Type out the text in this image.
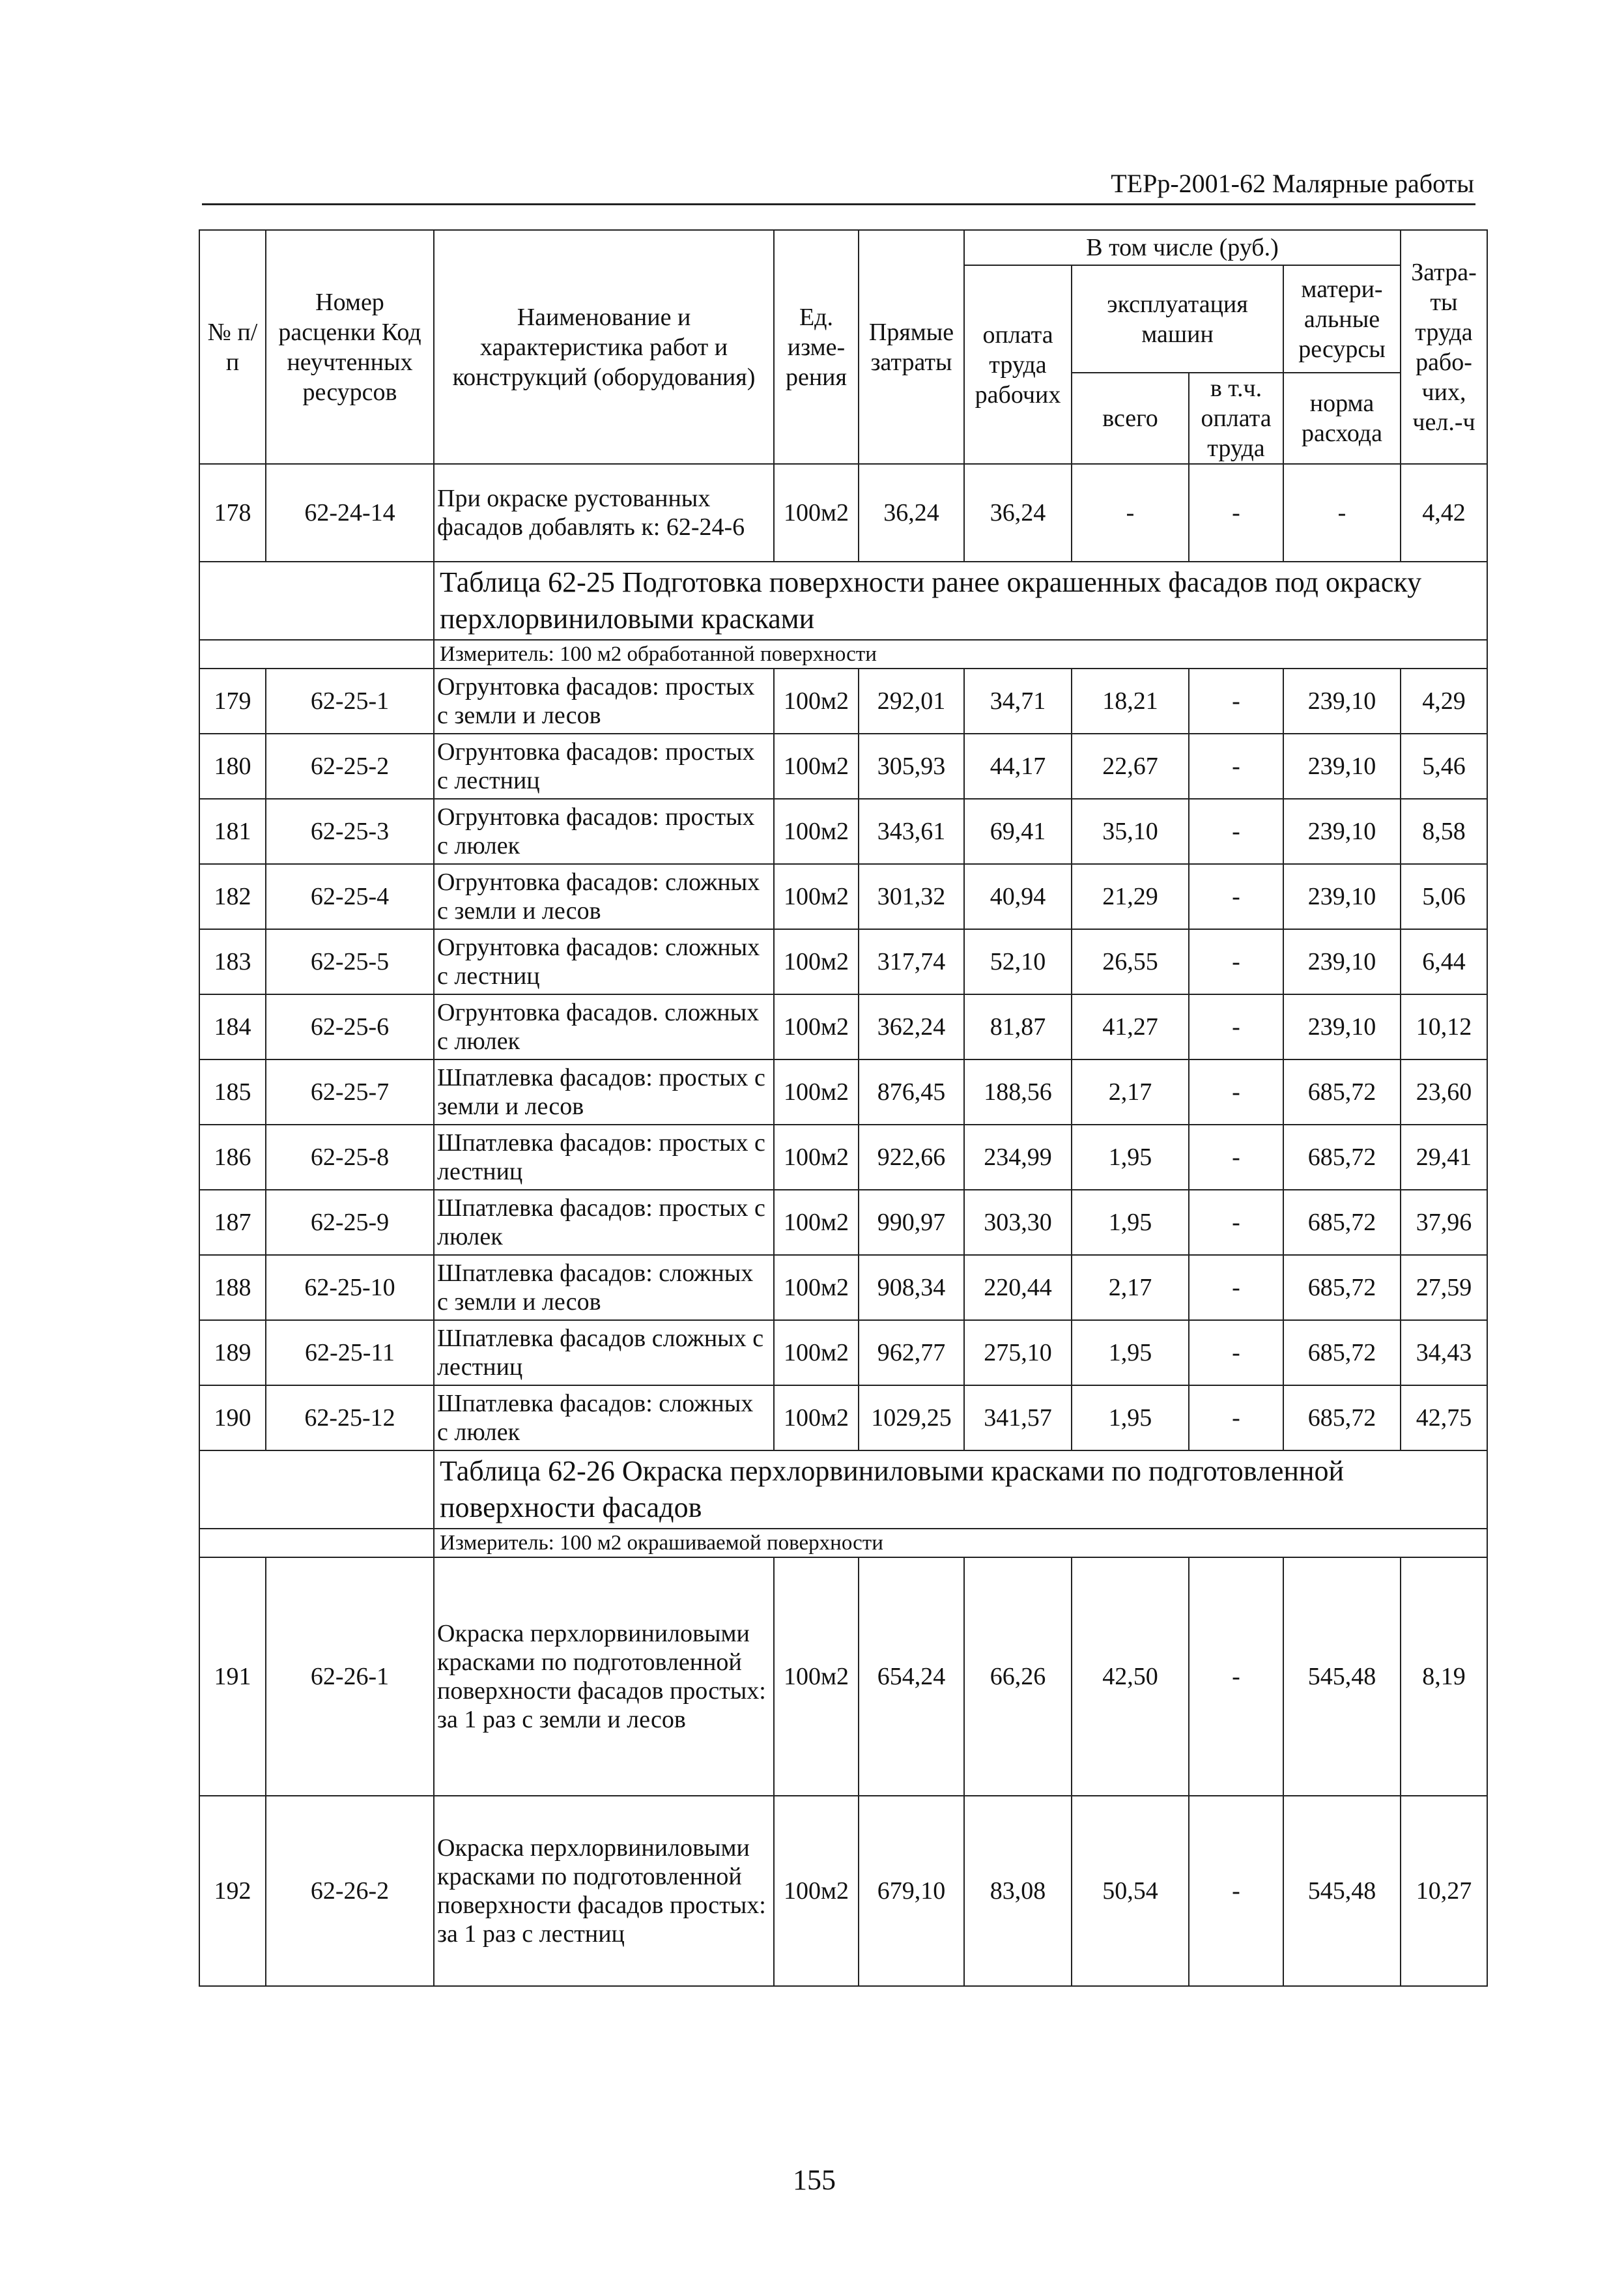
ТЕРр-2001-62 Малярные работы
№ п/п	Номер расценки Код неучтенных ресурсов	Наименование и характеристика работ и конструкций (оборудования)	Ед. изме-рения	Прямые затраты	В том числе (руб.)				Затра-ты труда рабо-чих, чел.-ч
					оплата труда рабочих	эксплуатация машин		матери-альные ресурсы	
						всего	в т.ч. оплата труда	норма расхода	

178	62-24-14	При окраске рустованных фасадов добавлять к: 62-24-6	100м2	36,24	36,24	-	-	-	4,42
		Таблица 62-25 Подготовка поверхности ранее окрашенных фасадов под окраску перхлорвиниловыми красками							
		Измеритель: 100 м2 обработанной поверхности							
179	62-25-1	Огрунтовка фасадов: простых с земли и лесов	100м2	292,01	34,71	18,21	-	239,10	4,29
180	62-25-2	Огрунтовка фасадов: простых с лестниц	100м2	305,93	44,17	22,67	-	239,10	5,46
181	62-25-3	Огрунтовка фасадов: простых с люлек	100м2	343,61	69,41	35,10	-	239,10	8,58
182	62-25-4	Огрунтовка фасадов: сложных с земли и лесов	100м2	301,32	40,94	21,29	-	239,10	5,06
183	62-25-5	Огрунтовка фасадов: сложных с лестниц	100м2	317,74	52,10	26,55	-	239,10	6,44
184	62-25-6	Огрунтовка фасадов. сложных с люлек	100м2	362,24	81,87	41,27	-	239,10	10,12
185	62-25-7	Шпатлевка фасадов: простых с земли и лесов	100м2	876,45	188,56	2,17	-	685,72	23,60
186	62-25-8	Шпатлевка фасадов: простых с лестниц	100м2	922,66	234,99	1,95	-	685,72	29,41
187	62-25-9	Шпатлевка фасадов: простых с люлек	100м2	990,97	303,30	1,95	-	685,72	37,96
188	62-25-10	Шпатлевка фасадов: сложных с земли и лесов	100м2	908,34	220,44	2,17	-	685,72	27,59
189	62-25-11	Шпатлевка фасадов сложных с лестниц	100м2	962,77	275,10	1,95	-	685,72	34,43
190	62-25-12	Шпатлевка фасадов: сложных с люлек	100м2	1029,25	341,57	1,95	-	685,72	42,75
		Таблица 62-26 Окраска перхлорвиниловыми красками по подготовленной поверхности фасадов							
		Измеритель: 100 м2 окрашиваемой поверхности							
191	62-26-1	Окраска перхлорвиниловыми красками по подготовленной поверхности фасадов простых: за 1 раз с земли и лесов	100м2	654,24	66,26	42,50	-	545,48	8,19
192	62-26-2	Окраска перхлорвиниловыми красками по подготовленной поверхности фасадов простых: за 1 раз с лестниц	100м2	679,10	83,08	50,54	-	545,48	10,27
155
